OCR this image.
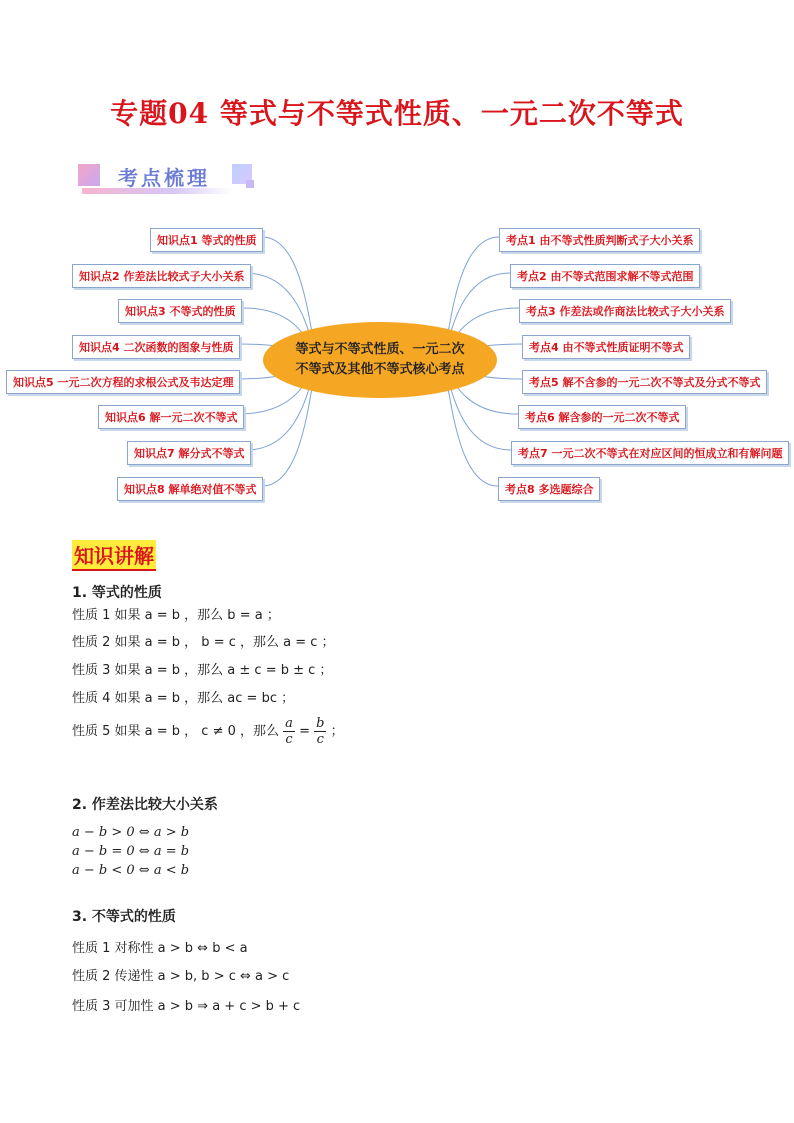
专题04 等式与不等式性质、一元二次不等式
考点梳理
知识点1 等式的性质
知识点2 作差法比较式子大小关系
知识点3 不等式的性质
知识点4 二次函数的图象与性质
知识点5 一元二次方程的求根公式及韦达定理
知识点6 解一元二次不等式
知识点7 解分式不等式
知识点8 解单绝对值不等式
考点1 由不等式性质判断式子大小关系
考点2 由不等式范围求解不等式范围
考点3 作差法或作商法比较式子大小关系
考点4 由不等式性质证明不等式
考点5 解不含参的一元二次不等式及分式不等式
考点6 解含参的一元二次不等式
考点7 一元二次不等式在对应区间的恒成立和有解问题
考点8 多选题综合
等式与不等式性质、一元二次
不等式及其他不等式核心考点
知识讲解
1. 等式的性质
性质 1 如果 a = b ，那么 b = a ；
性质 2 如果 a = b ， b = c ，那么 a = c ；
性质 3 如果 a = b ，那么 a ± c = b ± c ；
性质 4 如果 a = b ，那么 ac = bc ；
性质 5 如果 a = b ， c ≠ 0 ，那么 $\frac{a}{c} = \frac{b}{c}$ ；
2. 作差法比较大小关系
a − b > 0 ⇔ a > b
a − b = 0 ⇔ a = b
a − b < 0 ⇔ a < b
3. 不等式的性质
性质 1 对称性 a > b ⇔ b < a
性质 2 传递性 a > b, b > c ⇔ a > c
性质 3 可加性 a > b ⇒ a + c > b + c
